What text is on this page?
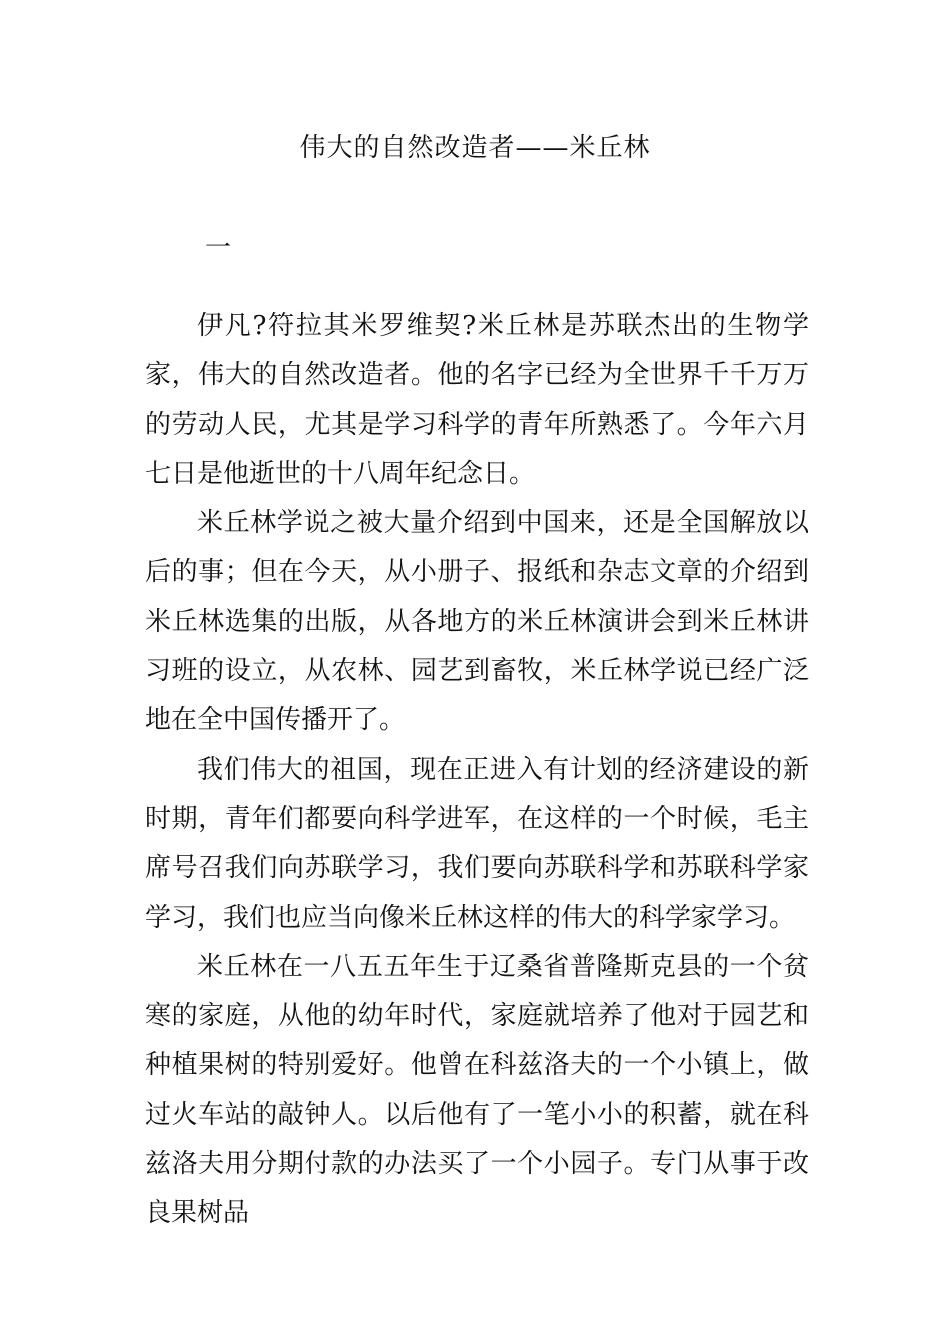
伟大的自然改造者——米丘林
一

伊凡?符拉其米罗维契?米丘林是苏联杰出的生物学家，伟大的自然改造者。他的名字已经为全世界千千万万的劳动人民，尤其是学习科学的青年所熟悉了。今年六月七日是他逝世的十八周年纪念日。

米丘林学说之被大量介绍到中国来，还是全国解放以后的事；但在今天，从小册子、报纸和杂志文章的介绍到米丘林选集的出版，从各地方的米丘林演讲会到米丘林讲习班的设立，从农林、园艺到畜牧，米丘林学说已经广泛地在全中国传播开了。

我们伟大的祖国，现在正进入有计划的经济建设的新时期，青年们都要向科学进军，在这样的一个时候，毛主席号召我们向苏联学习，我们要向苏联科学和苏联科学家学习，我们也应当向像米丘林这样的伟大的科学家学习。

米丘林在一八五五年生于辽桑省普隆斯克县的一个贫寒的家庭，从他的幼年时代，家庭就培养了他对于园艺和种植果树的特别爱好。他曾在科兹洛夫的一个小镇上，做过火车站的敲钟人。以后他有了一笔小小的积蓄，就在科兹洛夫用分期付款的办法买了一个小园子。专门从事于改良果树品
